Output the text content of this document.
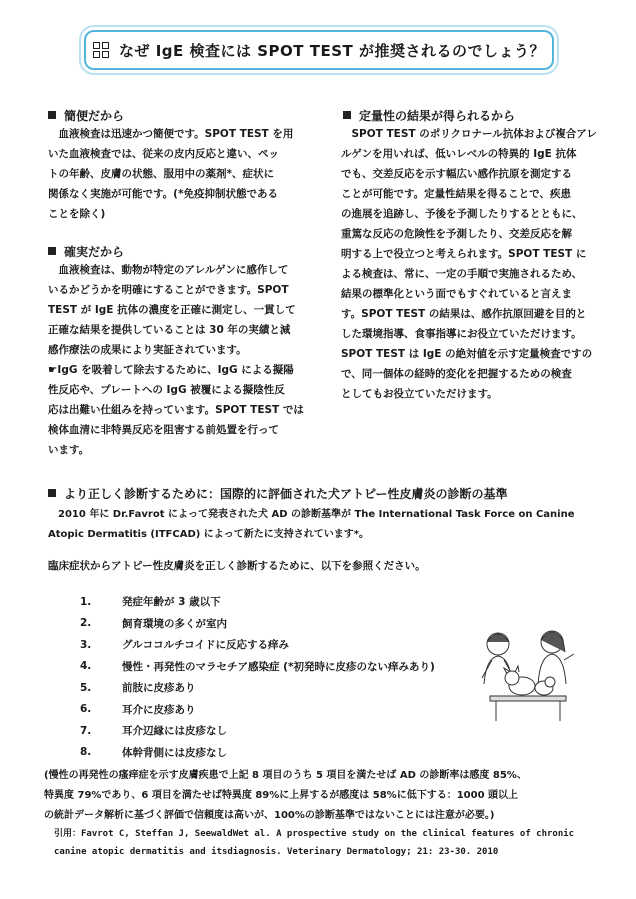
なぜ IgE 検査には SPOT TEST が推奨されるのでしょう？
簡便だから

　血液検査は迅速かつ簡便です。SPOT TEST を用
いた血液検査では、従来の皮内反応と違い、ペッ
トの年齢、皮膚の状態、服用中の薬剤*、症状に
関係なく実施が可能です。(*免疫抑制状態である
ことを除く)

確実だから

　血液検査は、動物が特定のアレルゲンに感作して
いるかどうかを明確にすることができます。SPOT
TEST が IgE 抗体の濃度を正確に測定し、一貫して
正確な結果を提供していることは 30 年の実績と減
感作療法の成果により実証されています。
☛IgG を吸着して除去するために、IgG による擬陽
性反応や、プレートへの IgG 被覆による擬陰性反
応は出難い仕組みを持っています。SPOT TEST では
検体血清に非特異反応を阻害する前処置を行って
います。

定量性の結果が得られるから

　SPOT TEST のポリクロナール抗体および複合アレ
ルゲンを用いれば、低いレベルの特異的 IgE 抗体
でも、交差反応を示す幅広い感作抗原を測定する
ことが可能です。定量性結果を得ることで、疾患
の進展を追跡し、予後を予測したりするとともに、
重篤な反応の危険性を予測したり、交差反応を解
明する上で役立つと考えられます。SPOT TEST に
よる検査は、常に、一定の手順で実施されるため、
結果の標準化という面でもすぐれていると言えま
す。SPOT TEST の結果は、感作抗原回避を目的と
した環境指導、食事指導にお役立ていただけます。
SPOT TEST は IgE の絶対値を示す定量検査ですの
で、同一個体の経時的変化を把握するための検査
としてもお役立ていただけます。

より正しく診断するために：国際的に評価された犬アトピー性皮膚炎の診断の基準

　2010 年に Dr.Favrot によって発表された犬 AD の診断基準が The International Task Force on Canine
Atopic Dermatitis (ITFCAD) によって新たに支持されています*。

臨床症状からアトピー性皮膚炎を正しく診断するために、以下を参照ください。

1.	発症年齢が 3 歳以下
2.	飼育環境の多くが室内
3.	グルココルチコイドに反応する痒み
4.	慢性・再発性のマラセチア感染症 (*初発時に皮疹のない痒みあり)
5.	前肢に皮疹あり
6.	耳介に皮疹あり
7.	耳介辺縁には皮疹なし
8.	体幹背側には皮疹なし

(慢性の再発性の瘙痒症を示す皮膚疾患で上記 8 項目のうち 5 項目を満たせば AD の診断率は感度 85%、
特異度 79%であり、6 項目を満たせば特異度 89%に上昇するが感度は 58%に低下する：1000 頭以上
の統計データ解析に基づく評価で信頼度は高いが、100%の診断基準ではないことには注意が必要。)

引用：Favrot C, Steffan J, SeewaldWet al. A prospective study on the clinical features of chronic
canine atopic dermatitis and itsdiagnosis. Veterinary Dermatology; 21: 23-30. 2010
